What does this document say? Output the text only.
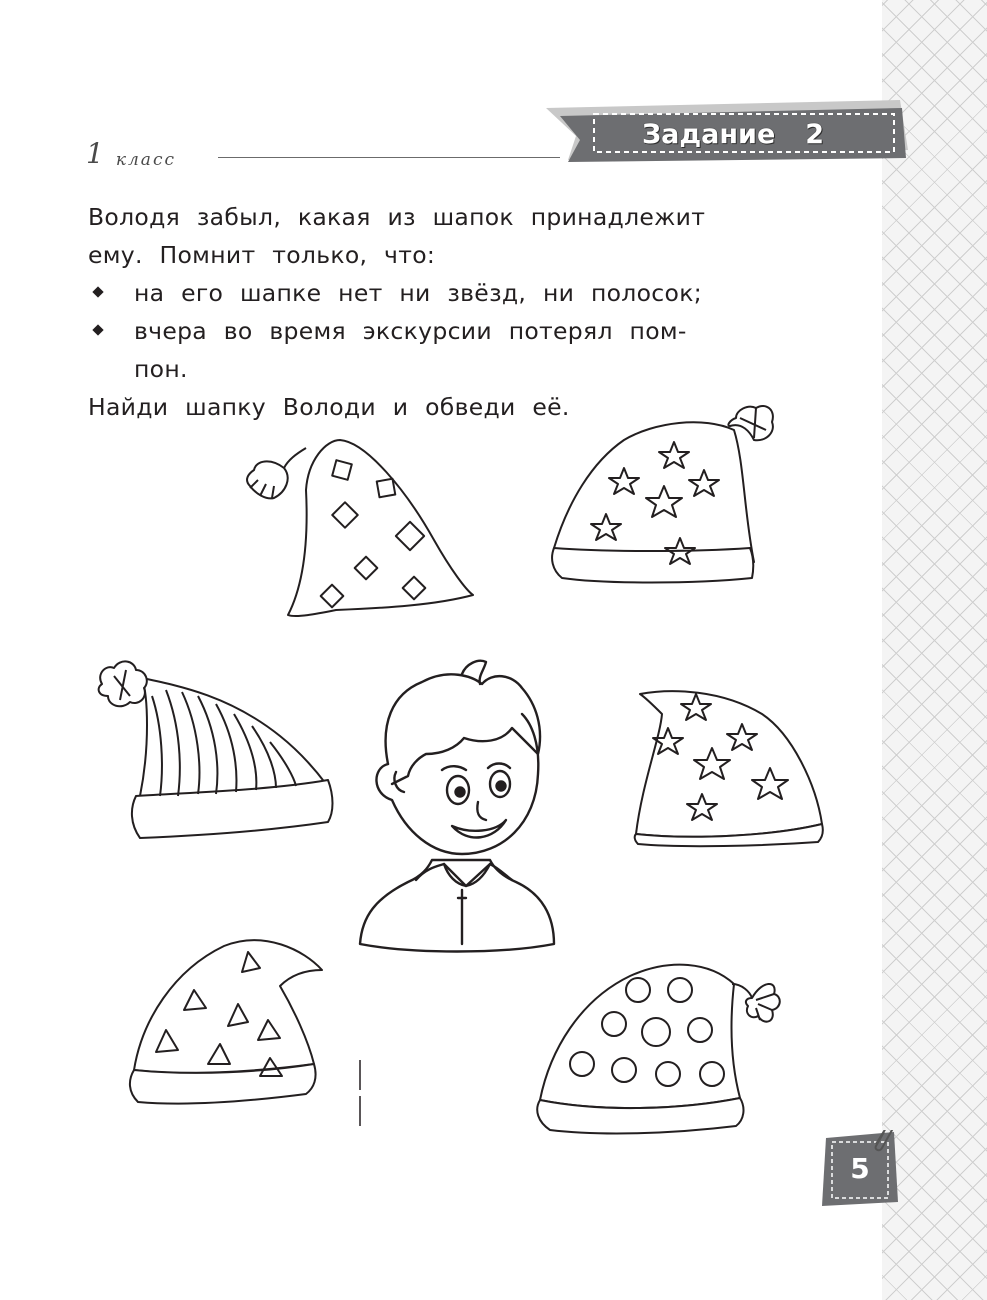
1 класс
Задание 2
Володя забыл, какая из шапок принадлежит
ему. Помнит только, что:
на его шапке нет ни звёзд, ни полосок;
вчера во время экскурсии потерял пом-
пон.
Найди шапку Володи и обведи её.
5
